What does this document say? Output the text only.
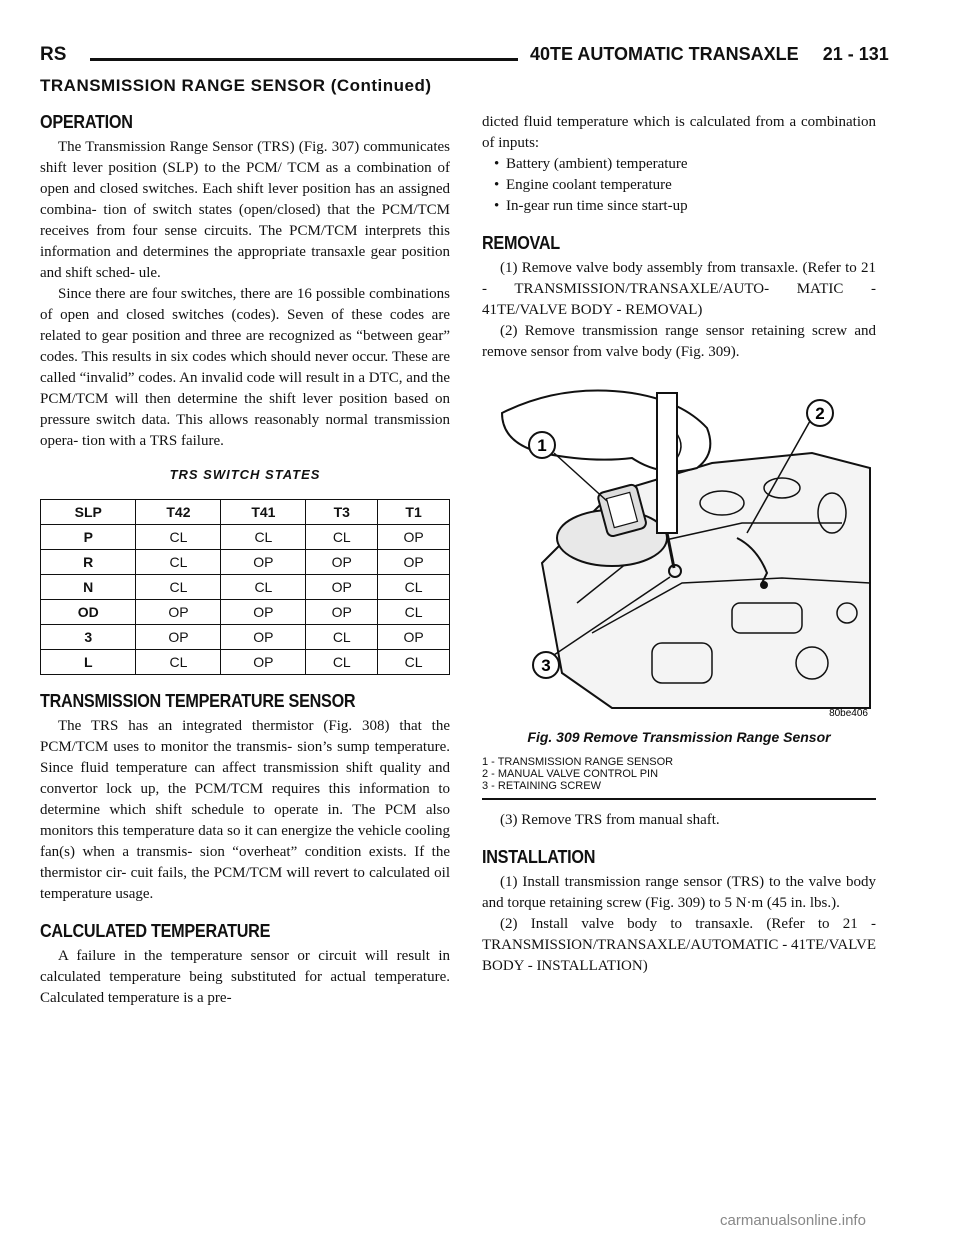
RS	40TE AUTOMATIC TRANSAXLE 21 - 131
TRANSMISSION RANGE SENSOR (Continued)
OPERATION

The Transmission Range Sensor (TRS) (Fig. 307) communicates shift lever position (SLP) to the PCM/ TCM as a combination of open and closed switches. Each shift lever position has an assigned combina- tion of switch states (open/closed) that the PCM/TCM receives from four sense circuits. The PCM/TCM interprets this information and determines the appropriate transaxle gear position and shift sched- ule.

Since there are four switches, there are 16 possible combinations of open and closed switches (codes). Seven of these codes are related to gear position and three are recognized as “between gear” codes. This results in six codes which should never occur. These are called “invalid” codes. An invalid code will result in a DTC, and the PCM/TCM will then determine the shift lever position based on pressure switch data. This allows reasonably normal transmission opera- tion with a TRS failure.

TRS SWITCH STATES
SLP	T42	T41	T3	T1
P	CL	CL	CL	OP
R	CL	OP	OP	OP
N	CL	CL	OP	CL
OD	OP	OP	OP	CL
3	OP	OP	CL	OP
L	CL	OP	CL	CL
TRANSMISSION TEMPERATURE SENSOR

The TRS has an integrated thermistor (Fig. 308) that the PCM/TCM uses to monitor the transmis- sion’s sump temperature. Since fluid temperature can affect transmission shift quality and convertor lock up, the PCM/TCM requires this information to determine which shift schedule to operate in. The PCM also monitors this temperature data so it can energize the vehicle cooling fan(s) when a transmis- sion “overheat” condition exists. If the thermistor cir- cuit fails, the PCM/TCM will revert to calculated oil temperature usage.

CALCULATED TEMPERATURE

A failure in the temperature sensor or circuit will result in calculated temperature being substituted for actual temperature. Calculated temperature is a pre-

dicted fluid temperature which is calculated from a combination of inputs:

• Battery (ambient) temperature
• Engine coolant temperature
• In-gear run time since start-up
REMOVAL

(1) Remove valve body assembly from transaxle. (Refer to 21 - TRANSMISSION/TRANSAXLE/AUTO- MATIC - 41TE/VALVE BODY - REMOVAL)

(2) Remove transmission range sensor retaining screw and remove sensor from valve body (Fig. 309).

1
2
3
80be406
Fig. 309 Remove Transmission Range Sensor
1 - TRANSMISSION RANGE SENSOR
2 - MANUAL VALVE CONTROL PIN
3 - RETAINING SCREW

(3) Remove TRS from manual shaft.

INSTALLATION

(1) Install transmission range sensor (TRS) to the valve body and torque retaining screw (Fig. 309) to 5 N·m (45 in. lbs.).

(2) Install valve body to transaxle. (Refer to 21 - TRANSMISSION/TRANSAXLE/AUTOMATIC - 41TE/VALVE BODY - INSTALLATION)

carmanualsonline.info
